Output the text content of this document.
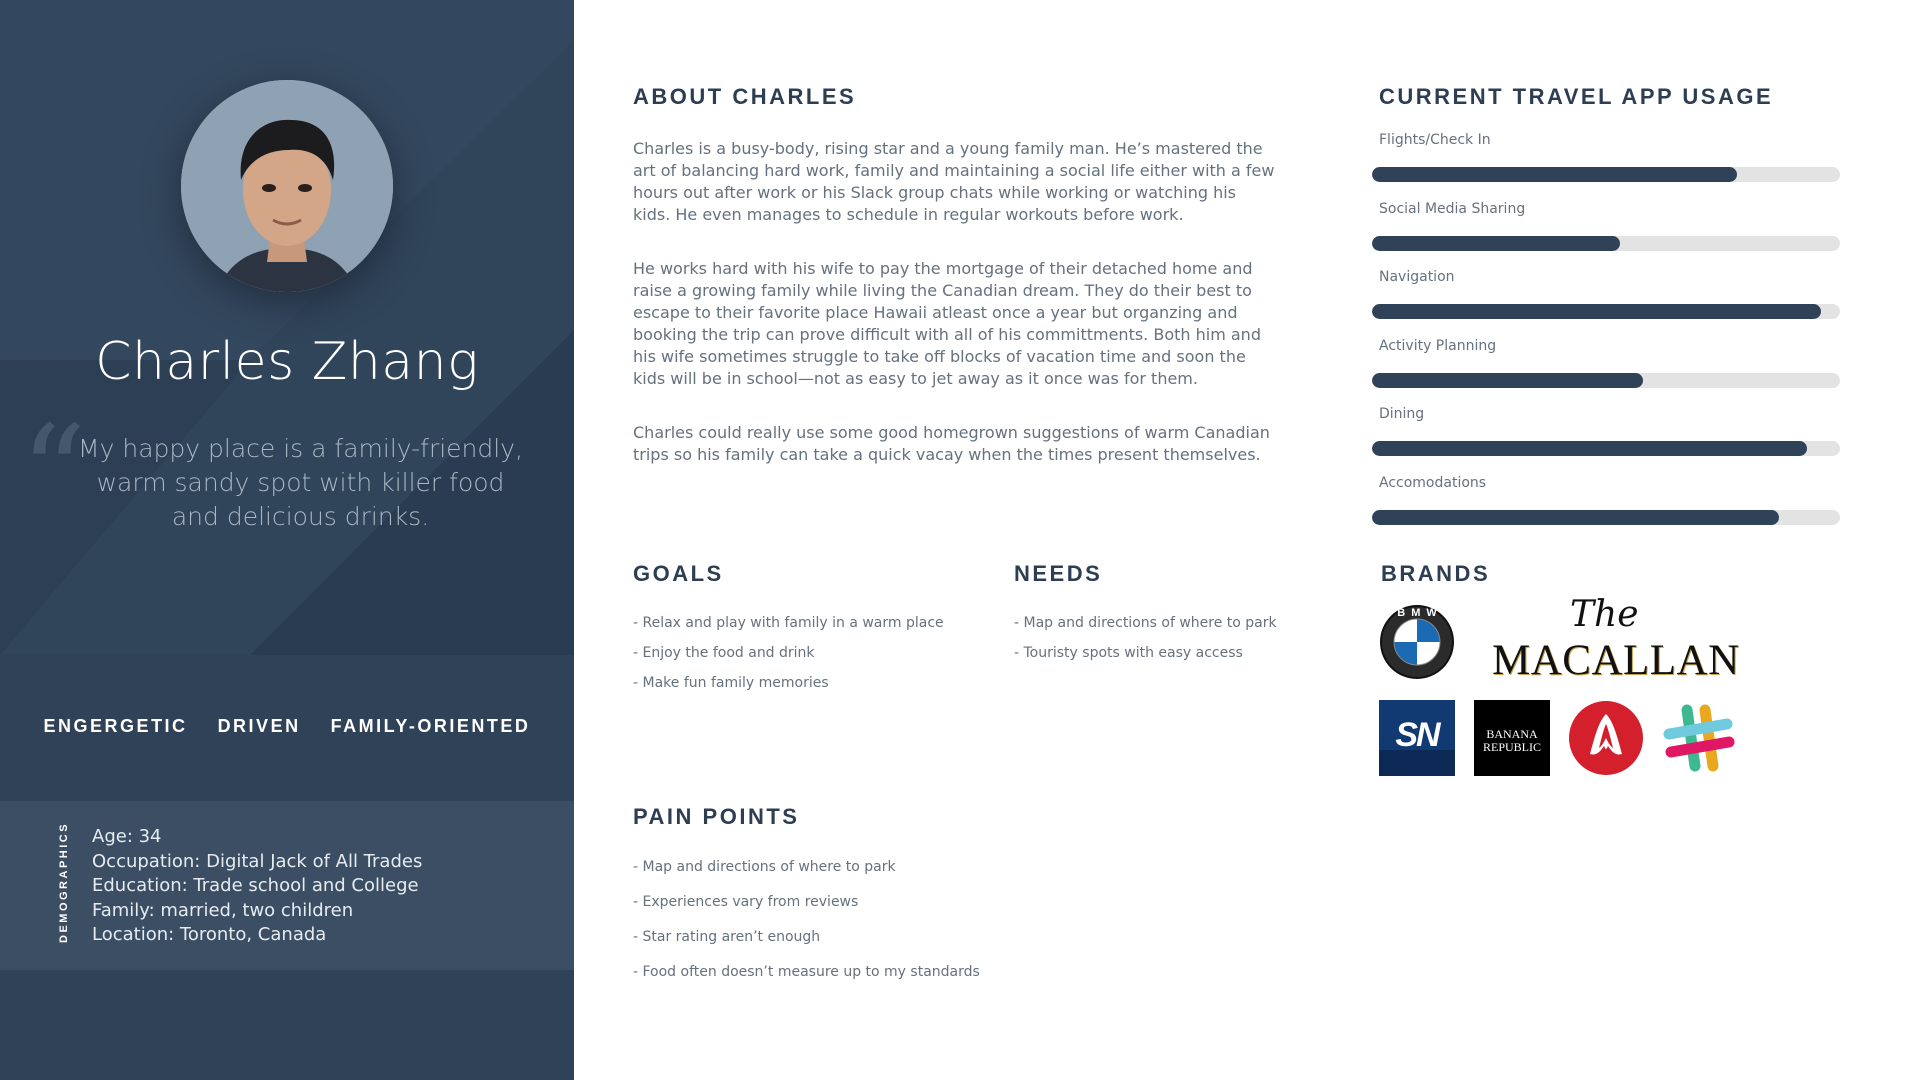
Charles Zhang
“
My happy place is a family-friendly, warm sandy spot with killer food and delicious drinks.
ENGERGETIC DRIVEN FAMILY-ORIENTED
DEMOGRAPHICS Age: 34
Occupation: Digital Jack of All Trades
Education: Trade school and College
Family: married, two children
Location: Toronto, Canada
ABOUT CHARLES

Charles is a busy-body, rising star and a young family man. He’s mastered the art of balancing hard work, family and maintaining a social life either with a few hours out after work or his Slack group chats while working or watching his kids. He even manages to schedule in regular workouts before work.

He works hard with his wife to pay the mortgage of their detached home and raise a growing family while living the Canadian dream. They do their best to escape to their favorite place Hawaii atleast once a year but organzing and booking the trip can prove difficult with all of his committments. Both him and his wife sometimes struggle to take off blocks of vacation time and soon the kids will be in school—not as easy to jet away as it once was for them.

Charles could really use some good homegrown suggestions of warm Canadian trips so his family can take a quick vacay when the times present themselves.

CURRENT TRAVEL APP USAGE
Flights/Check In
Social Media Sharing
Navigation
Activity Planning
Dining
Accomodations
GOALS
- Relax and play with family in a warm place
- Enjoy the food and drink
- Make fun family memories
NEEDS
- Map and directions of where to park
- Touristy spots with easy access
PAIN POINTS
- Map and directions of where to park
- Experiences vary from reviews
- Star rating aren’t enough
- Food often doesn’t measure up to my standards
BRANDS
BMW	The
MACALLAN
SN	BANANA
REPUBLIC
